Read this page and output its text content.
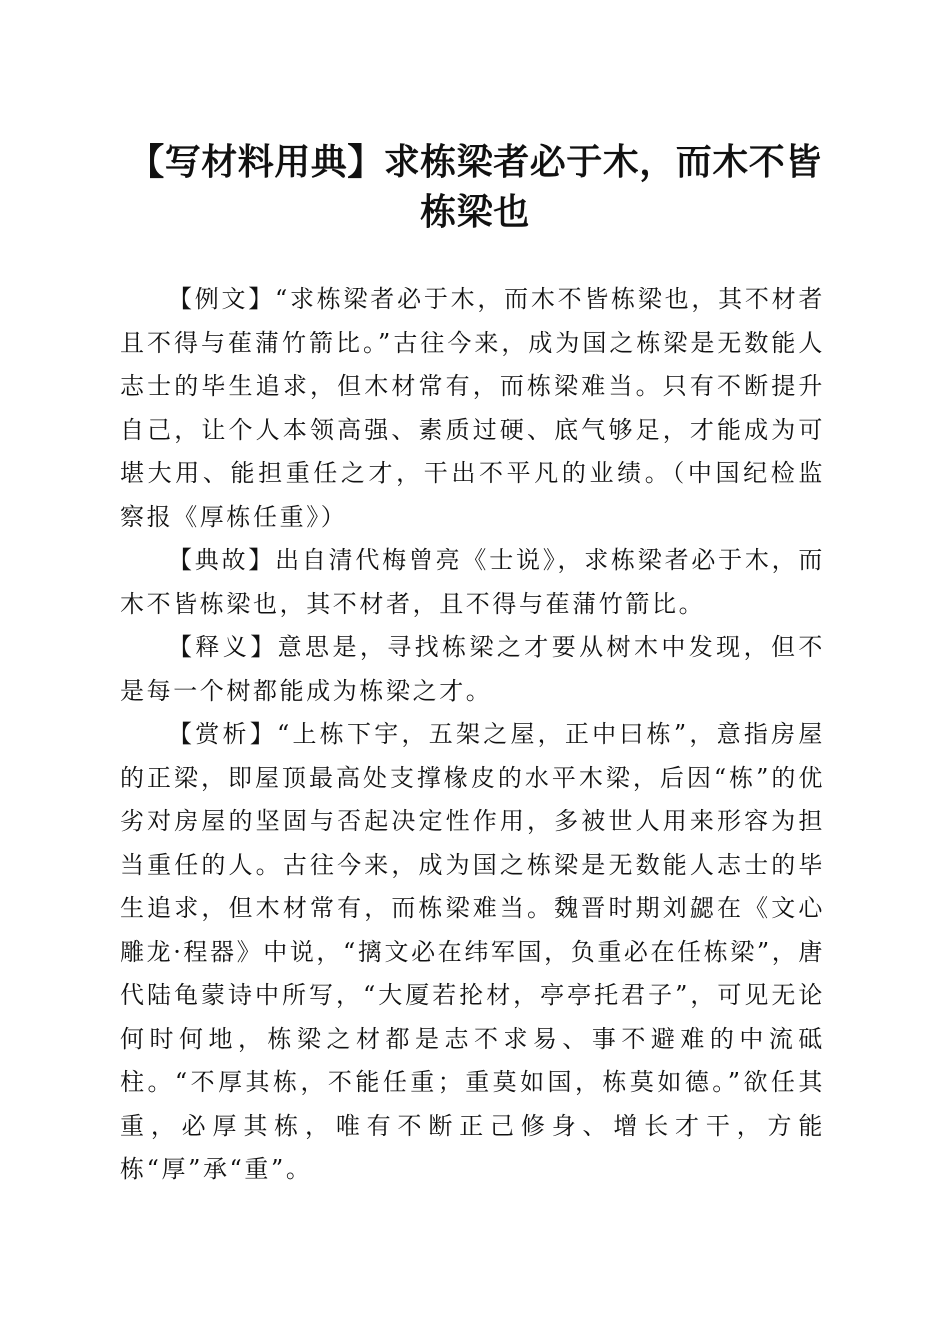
【写材料用典】求栋梁者必于木，而木不皆栋梁也

【例文】“求栋梁者必于木，而木不皆栋梁也，其不材者且不得与萑蒲竹箭比。”古往今来，成为国之栋梁是无数能人志士的毕生追求，但木材常有，而栋梁难当。只有不断提升自己，让个人本领高强、素质过硬、底气够足，才能成为可堪大用、能担重任之才，干出不平凡的业绩。（中国纪检监察报《厚栋任重》）

【典故】出自清代梅曾亮《士说》，求栋梁者必于木，而木不皆栋梁也，其不材者，且不得与萑蒲竹箭比。

【释义】意思是，寻找栋梁之才要从树木中发现，但不是每一个树都能成为栋梁之才。

【赏析】“上栋下宇，五架之屋，正中曰栋”，意指房屋的正梁，即屋顶最高处支撑椽皮的水平木梁，后因“栋”的优劣对房屋的坚固与否起决定性作用，多被世人用来形容为担当重任的人。古往今来，成为国之栋梁是无数能人志士的毕生追求，但木材常有，而栋梁难当。魏晋时期刘勰在《文心雕龙·程器》中说，“摛文必在纬军国，负重必在任栋梁”，唐代陆龟蒙诗中所写，“大厦若抡材，亭亭托君子”，可见无论何时何地，栋梁之材都是志不求易、事不避难的中流砥柱。“不厚其栋，不能任重；重莫如国，栋莫如德。”欲任其重，必厚其栋，唯有不断正己修身、增长才干，方能栋“厚”承“重”。
